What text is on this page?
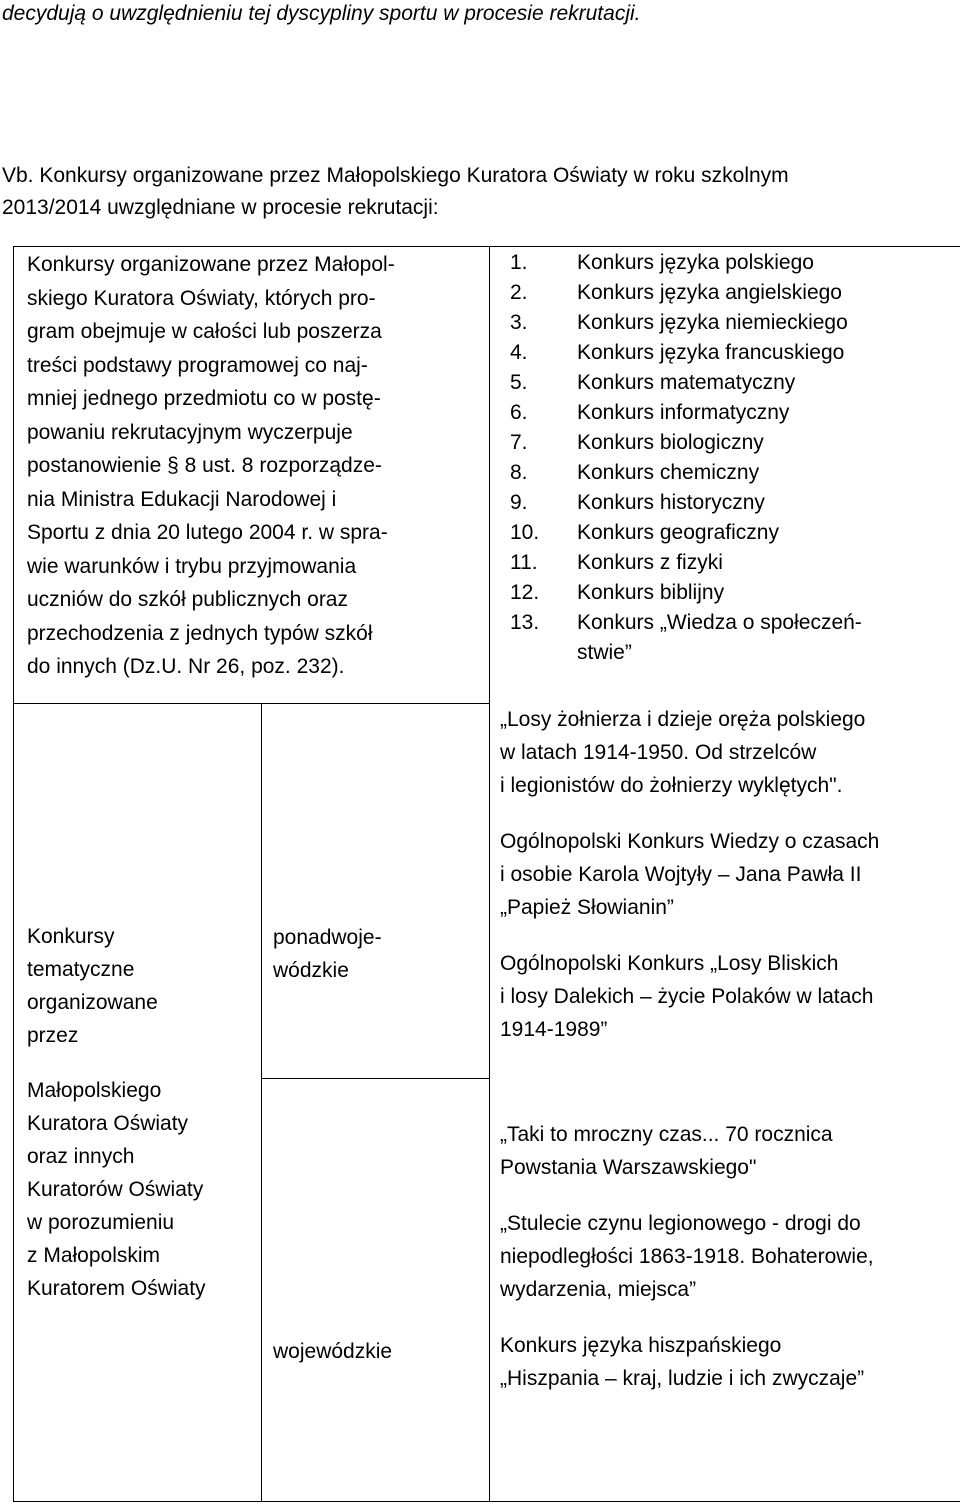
decydują o uwzględnieniu tej dyscypliny sportu w procesie rekrutacji.
Vb. Konkursy organizowane przez Małopolskiego Kuratora Oświaty w roku szkolnym
2013/2014 uwzględniane w procesie rekrutacji:
Konkursy organizowane przez Małopol-
skiego Kuratora Oświaty, których pro-
gram obejmuje w całości lub poszerza
treści podstawy programowej co naj-
mniej jednego przedmiotu co w postę-
powaniu rekrutacyjnym wyczerpuje
postanowienie § 8 ust. 8 rozporządze-
nia Ministra Edukacji Narodowej i
Sportu z dnia 20 lutego 2004 r. w spra-
wie warunków i trybu przyjmowania
uczniów do szkół publicznych oraz
przechodzenia z jednych typów szkół
do innych (Dz.U. Nr 26, poz. 232).
1. Konkurs języka polskiego
2. Konkurs języka angielskiego
3. Konkurs języka niemieckiego
4. Konkurs języka francuskiego
5. Konkurs matematyczny
6. Konkurs informatyczny
7. Konkurs biologiczny
8. Konkurs chemiczny
9. Konkurs historyczny
10. Konkurs geograficzny
11. Konkurs z fizyki
12. Konkurs biblijny
13. Konkurs „Wiedza o społeczeń-
stwie”
Konkursy
tematyczne
organizowane
przez
Małopolskiego
Kuratora Oświaty
oraz innych
Kuratorów Oświaty
w porozumieniu
z Małopolskim
Kuratorem Oświaty
ponadwoje-
wódzkie
wojewódzkie
„Losy żołnierza i dzieje oręża polskiego
w latach 1914-1950. Od strzelców
i legionistów do żołnierzy wyklętych".
Ogólnopolski Konkurs Wiedzy o czasach
i osobie Karola Wojtyły – Jana Pawła II
„Papież Słowianin”
Ogólnopolski Konkurs „Losy Bliskich
i losy Dalekich – życie Polaków w latach
1914-1989”
„Taki to mroczny czas... 70 rocznica
Powstania Warszawskiego"
„Stulecie czynu legionowego - drogi do
niepodległości 1863-1918. Bohaterowie,
wydarzenia, miejsca”
Konkurs języka hiszpańskiego
„Hiszpania – kraj, ludzie i ich zwyczaje”
